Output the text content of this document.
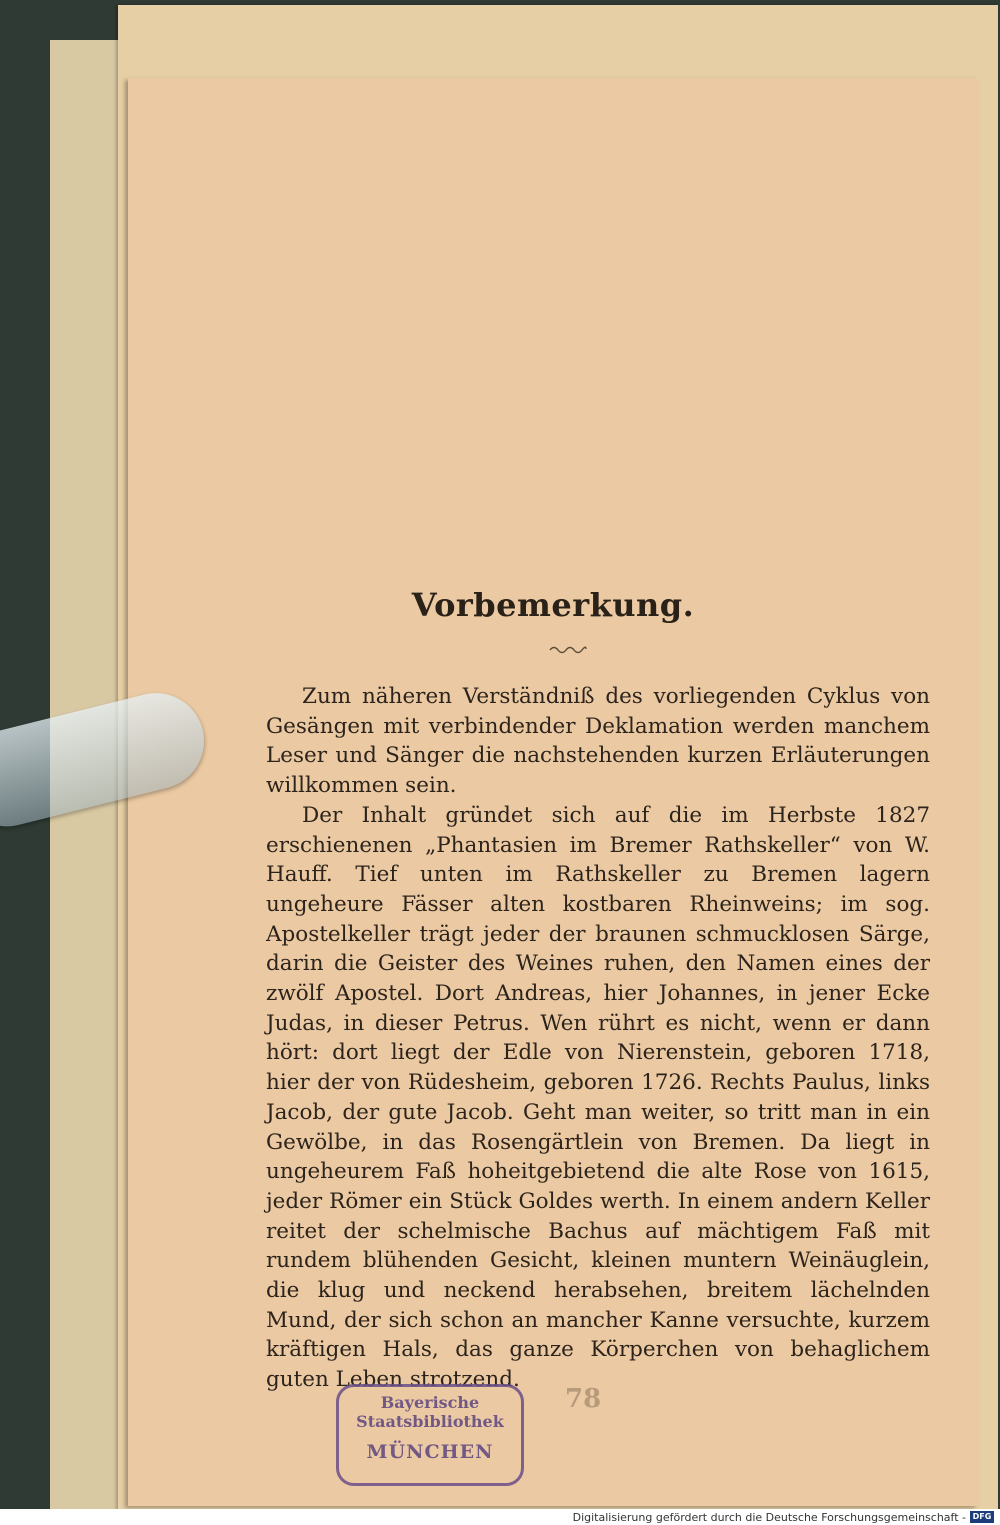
Vorbemerkung.

Zum näheren Verständniß des vorliegenden Cyklus von Gesängen mit verbindender Deklamation werden manchem Leser und Sänger die nachstehenden kurzen Erläuterungen willkommen sein.

Der Inhalt gründet sich auf die im Herbste 1827 erschienenen „Phantasien im Bremer Rathskeller“ von W. Hauff. Tief unten im Rathskeller zu Bremen lagern ungeheure Fässer alten kostbaren Rheinweins; im sog. Apostelkeller trägt jeder der braunen schmucklosen Särge, darin die Geister des Weines ruhen, den Namen eines der zwölf Apostel. Dort Andreas, hier Johannes, in jener Ecke Judas, in dieser Petrus. Wen rührt es nicht, wenn er dann hört: dort liegt der Edle von Nierenstein, geboren 1718, hier der von Rüdesheim, geboren 1726. Rechts Paulus, links Jacob, der gute Jacob. Geht man weiter, so tritt man in ein Gewölbe, in das Rosengärtlein von Bremen. Da liegt in ungeheurem Faß hoheitgebietend die alte Rose von 1615, jeder Römer ein Stück Goldes werth. In einem andern Keller reitet der schelmische Bachus auf mächtigem Faß mit rundem blühenden Gesicht, kleinen muntern Weinäuglein, die klug und neckend herabsehen, breitem lächelnden Mund, der sich schon an mancher Kanne versuchte, kurzem kräftigen Hals, das ganze Körperchen von behaglichem guten Leben strotzend.

78
Bayerische
Staatsbibliothek
MÜNCHEN
Digitalisierung gefördert durch die Deutsche Forschungsgemeinschaft - DFG
